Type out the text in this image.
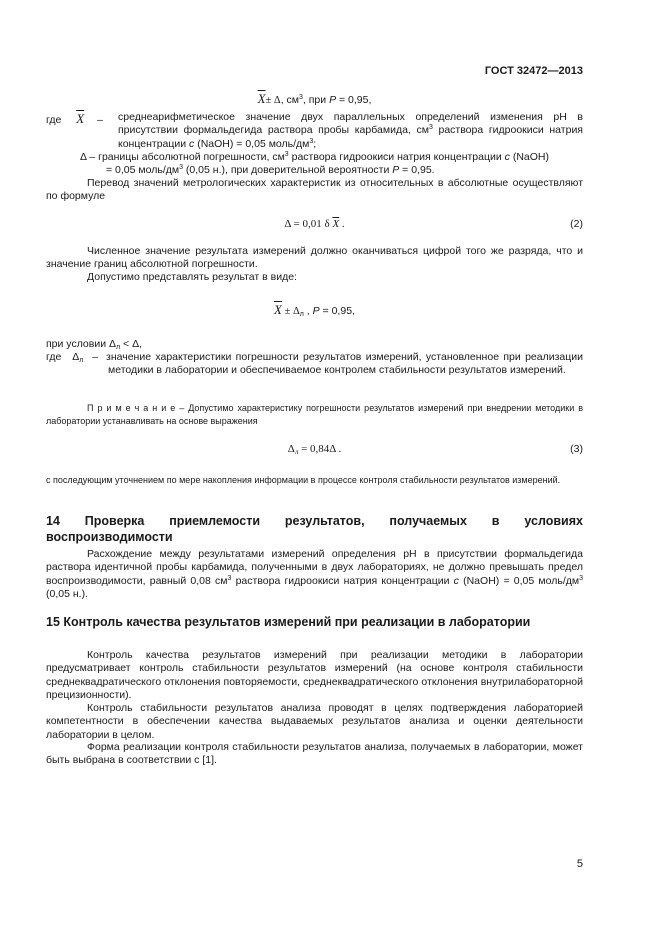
ГОСТ 32472—2013
$\overline{X}\pm \Delta$, $см^3$, при P = 0,95,
где $\overline{X}$ – среднеарифметическое значение двух параллельных определений изменения рН в присутствии формальдегида раствора пробы карбамида, $см^3$ раствора гидроокиси натрия концентрации c (NaOH) = 0,05 моль/$дм^3$;
Δ – границы абсолютной погрешности, $см^3$ раствора гидроокиси натрия концентрации c (NaOH)
= 0,05 моль/$дм^3$ (0,05 н.), при доверительной вероятности P = 0,95.

Перевод значений метрологических характеристик из относительных в абсолютные осуществляют по формуле

Δ = 0,01 δ $\overline{X}$ .	(2)

Численное значение результата измерений должно оканчиваться цифрой того же разряда, что и значение границ абсолютной погрешности.

Допустимо представлять результат в виде:

$\overline{X} \pm \Delta_л$ , P = 0,95,
при условии $\Delta_л < \Delta$,
где $\Delta_л$ – значение характеристики погрешности результатов измерений, установленное при реализации методики в лаборатории и обеспечиваемое контролем стабильности результатов измерений.
П р и м е ч а н и е – Допустимо характеристику погрешности результатов измерений при внедрении методики в лаборатории устанавливать на основе выражения
$\Delta_л = 0,84\Delta$ .	(3)

с последующим уточнением по мере накопления информации в процессе контроля стабильности результатов измерений.

14 Проверка приемлемости результатов, получаемых в условиях воспроизводимости
Расхождение между результатами измерений определения рН в присутствии формальдегида раствора идентичной пробы карбамида, полученными в двух лабораториях, не должно превышать предел воспроизводимости, равный 0,08 $см^3$ раствора гидроокиси натрия концентрации c (NaOH) = 0,05 моль/$дм^3$ (0,05 н.).
15 Контроль качества результатов измерений при реализации в лаборатории

Контроль качества результатов измерений при реализации методики в лаборатории предусматривает контроль стабильности результатов измерений (на основе контроля стабильности среднеквадратического отклонения повторяемости, среднеквадратического отклонения внутрилабораторной прецизионности).

Контроль стабильности результатов анализа проводят в целях подтверждения лабораторией компетентности в обеспечении качества выдаваемых результатов анализа и оценки деятельности лаборатории в целом.

Форма реализации контроля стабильности результатов анализа, получаемых в лаборатории, может быть выбрана в соответствии с [1].

5
